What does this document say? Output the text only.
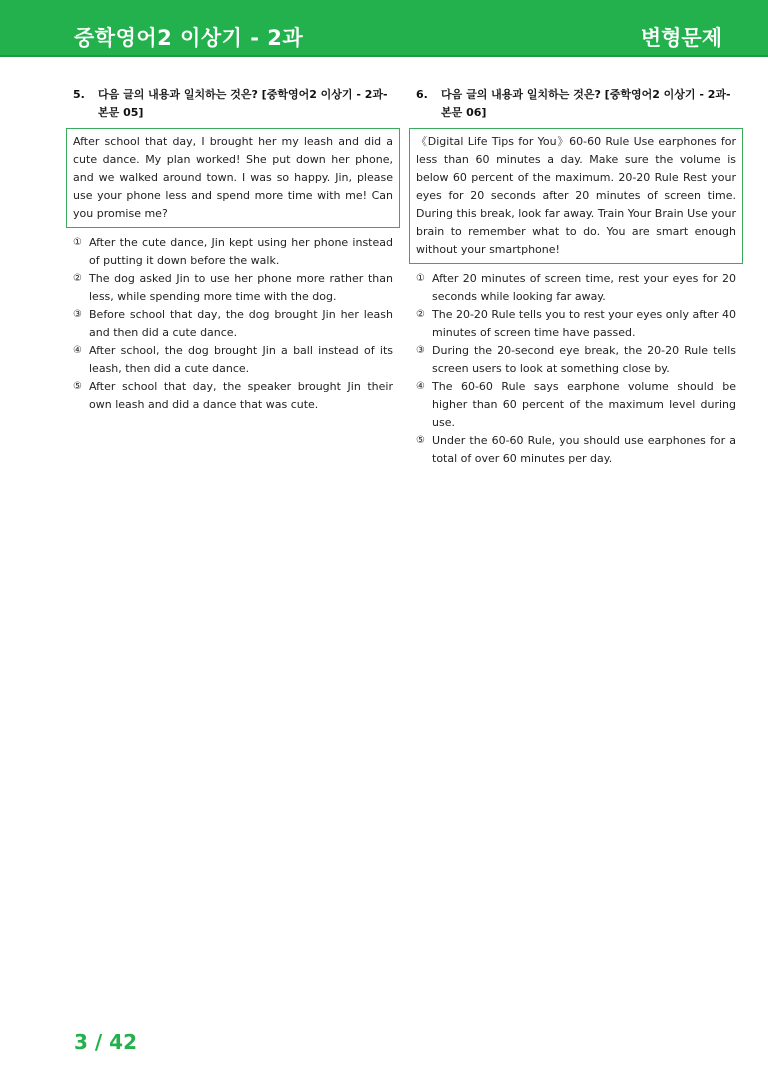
중학영어2 이상기 - 2과	변형문제
5.	다음 글의 내용과 일치하는 것은? [중학영어2 이상기 - 2과-본문 05]
After school that day, I brought her my leash and did a cute dance. My plan worked! She put down her phone, and we walked around town. I was so happy. Jin, please use your phone less and spend more time with me! Can you promise me?
① After the cute dance, Jin kept using her phone instead of putting it down before the walk.
② The dog asked Jin to use her phone more rather than less, while spending more time with the dog.
③ Before school that day, the dog brought Jin her leash and then did a cute dance.
④ After school, the dog brought Jin a ball instead of its leash, then did a cute dance.
⑤ After school that day, the speaker brought Jin their own leash and did a dance that was cute.
6.	다음 글의 내용과 일치하는 것은? [중학영어2 이상기 - 2과-본문 06]
《Digital Life Tips for You》60-60 Rule Use earphones for less than 60 minutes a day. Make sure the volume is below 60 percent of the maximum. 20-20 Rule Rest your eyes for 20 seconds after 20 minutes of screen time. During this break, look far away. Train Your Brain Use your brain to remember what to do. You are smart enough without your smartphone!
① After 20 minutes of screen time, rest your eyes for 20 seconds while looking far away.
② The 20-20 Rule tells you to rest your eyes only after 40 minutes of screen time have passed.
③ During the 20-second eye break, the 20-20 Rule tells screen users to look at something close by.
④ The 60-60 Rule says earphone volume should be higher than 60 percent of the maximum level during use.
⑤ Under the 60-60 Rule, you should use earphones for a total of over 60 minutes per day.
3 / 42
